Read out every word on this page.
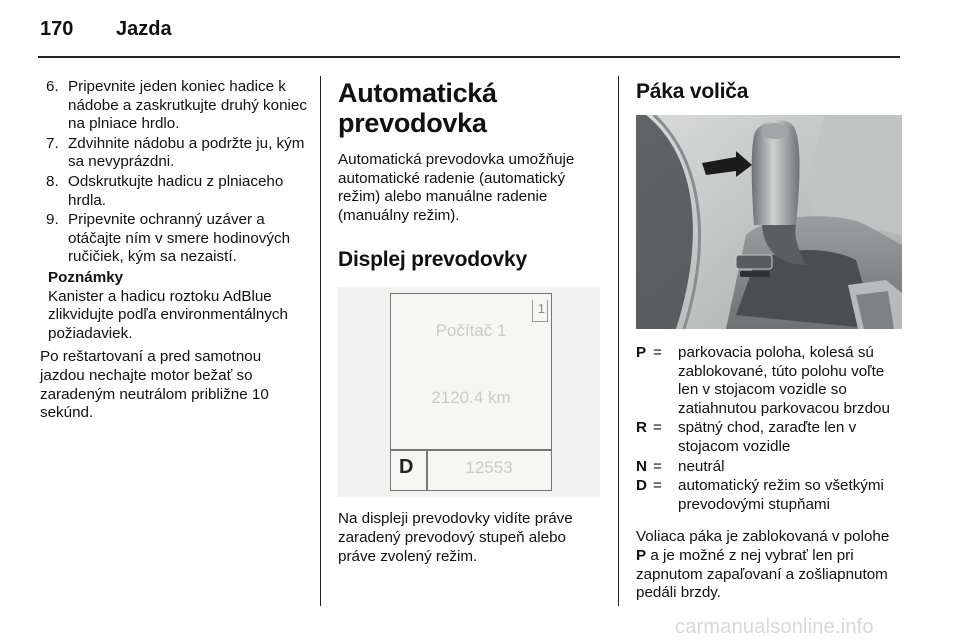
170 Jazda
6. Pripevnite jeden koniec hadice k nádobe a zaskrutkujte druhý koniec na plniace hrdlo.
7. Zdvihnite nádobu a podržte ju, kým sa nevyprázdni.
8. Odskrutkujte hadicu z plniaceho hrdla.
9. Pripevnite ochranný uzáver a otáčajte ním v smere hodinových ručičiek, kým sa nezaistí.
Poznámky
Kanister a hadicu roztoku AdBlue zlikvidujte podľa environmentálnych požiadaviek.
Po reštartovaní a pred samotnou jazdou nechajte motor bežať so zaradeným neutrálom približne 10 sekúnd.
Automatická prevodovka

Automatická prevodovka umožňuje automatické radenie (automatický režim) alebo manuálne radenie (manuálny režim).

Displej prevodovky
1
Počítač 1
2120.4 km
D	12553

Na displeji prevodovky vidíte práve zaradený prevodový stupeň alebo práve zvolený režim.

Páka voliča
P = parkovacia poloha, kolesá sú zablokované, túto polohu voľte len v stojacom vozidle so zatiahnutou parkovacou brzdou
R = spätný chod, zaraďte len v stojacom vozidle
N = neutrál
D = automatický režim so všetkými prevodovými stupňami

Voliaca páka je zablokovaná v polohe P a je možné z nej vybrať len pri zapnutom zapaľovaní a zošliapnutom pedáli brzdy.

carmanualsonline.info
